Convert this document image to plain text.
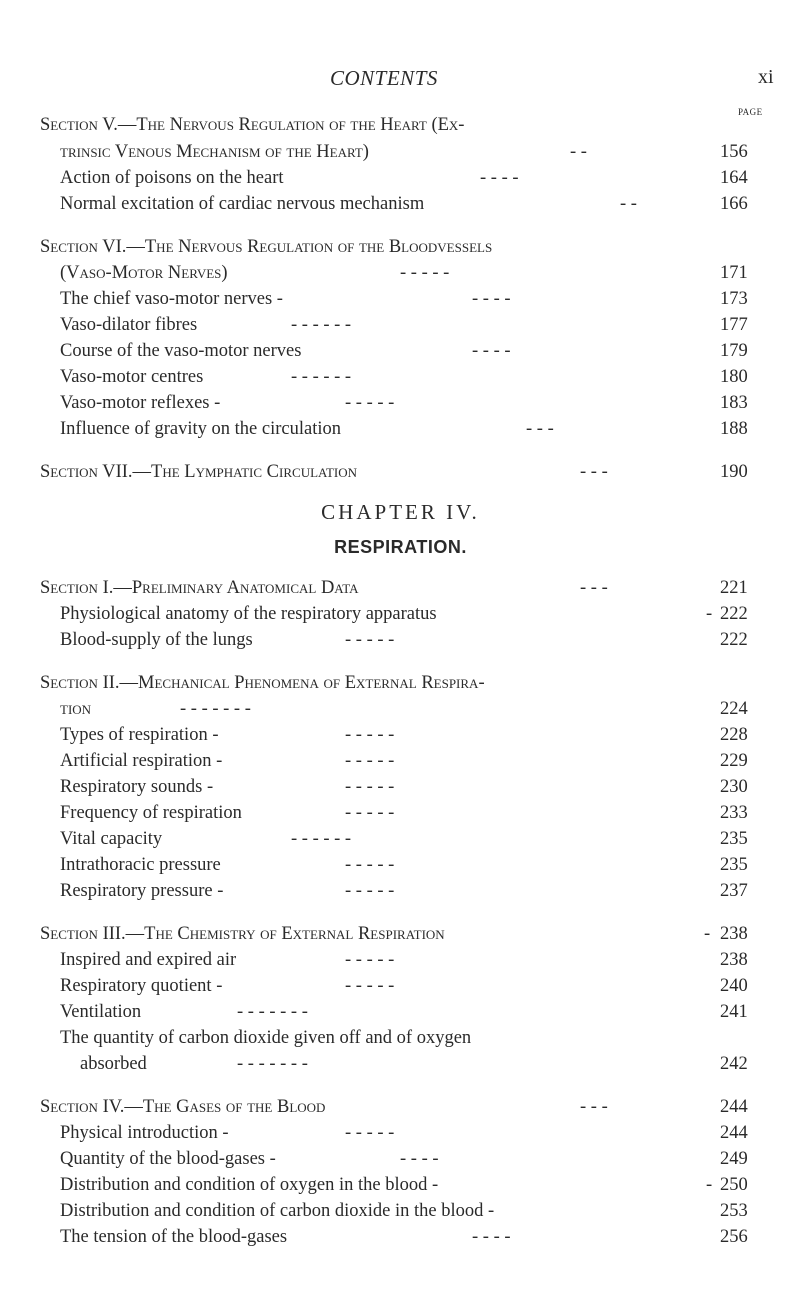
CONTENTS	xi
PAGE
Section V.—The Nervous Regulation of the Heart (Ex-
trinsic Venous Mechanism of the Heart)	- -	156
Action of poisons on the heart	- - - -	164
Normal excitation of cardiac nervous mechanism	- -	166
Section VI.—The Nervous Regulation of the Bloodvessels
(Vaso-Motor Nerves)	- - - - -	171
The chief vaso-motor nerves -	- - - -	173
Vaso-dilator fibres	- - - - - -	177
Course of the vaso-motor nerves	- - - -	179
Vaso-motor centres	- - - - - -	180
Vaso-motor reflexes -	- - - - -	183
Influence of gravity on the circulation	- - -	188
Section VII.—The Lymphatic Circulation	- - -	190
CHAPTER IV.
RESPIRATION.
Section I.—Preliminary Anatomical Data	- - -	221
Physiological anatomy of the respiratory apparatus	- 222
Blood-supply of the lungs	- - - - -	222
Section II.—Mechanical Phenomena of External Respira-
tion	- - - - - - -	224
Types of respiration -	- - - - -	228
Artificial respiration -	- - - - -	229
Respiratory sounds -	- - - - -	230
Frequency of respiration	- - - - -	233
Vital capacity	- - - - - -	235
Intrathoracic pressure	- - - - -	235
Respiratory pressure -	- - - - -	237
Section III.—The Chemistry of External Respiration	- 238
Inspired and expired air	- - - - -	238
Respiratory quotient -	- - - - -	240
Ventilation	- - - - - - -	241
The quantity of carbon dioxide given off and of oxygen
absorbed	- - - - - - -	242
Section IV.—The Gases of the Blood	- - -	244
Physical introduction -	- - - - -	244
Quantity of the blood-gases -	- - - -	249
Distribution and condition of oxygen in the blood -	- 250
Distribution and condition of carbon dioxide in the blood -	253
The tension of the blood-gases	- - - -	256
